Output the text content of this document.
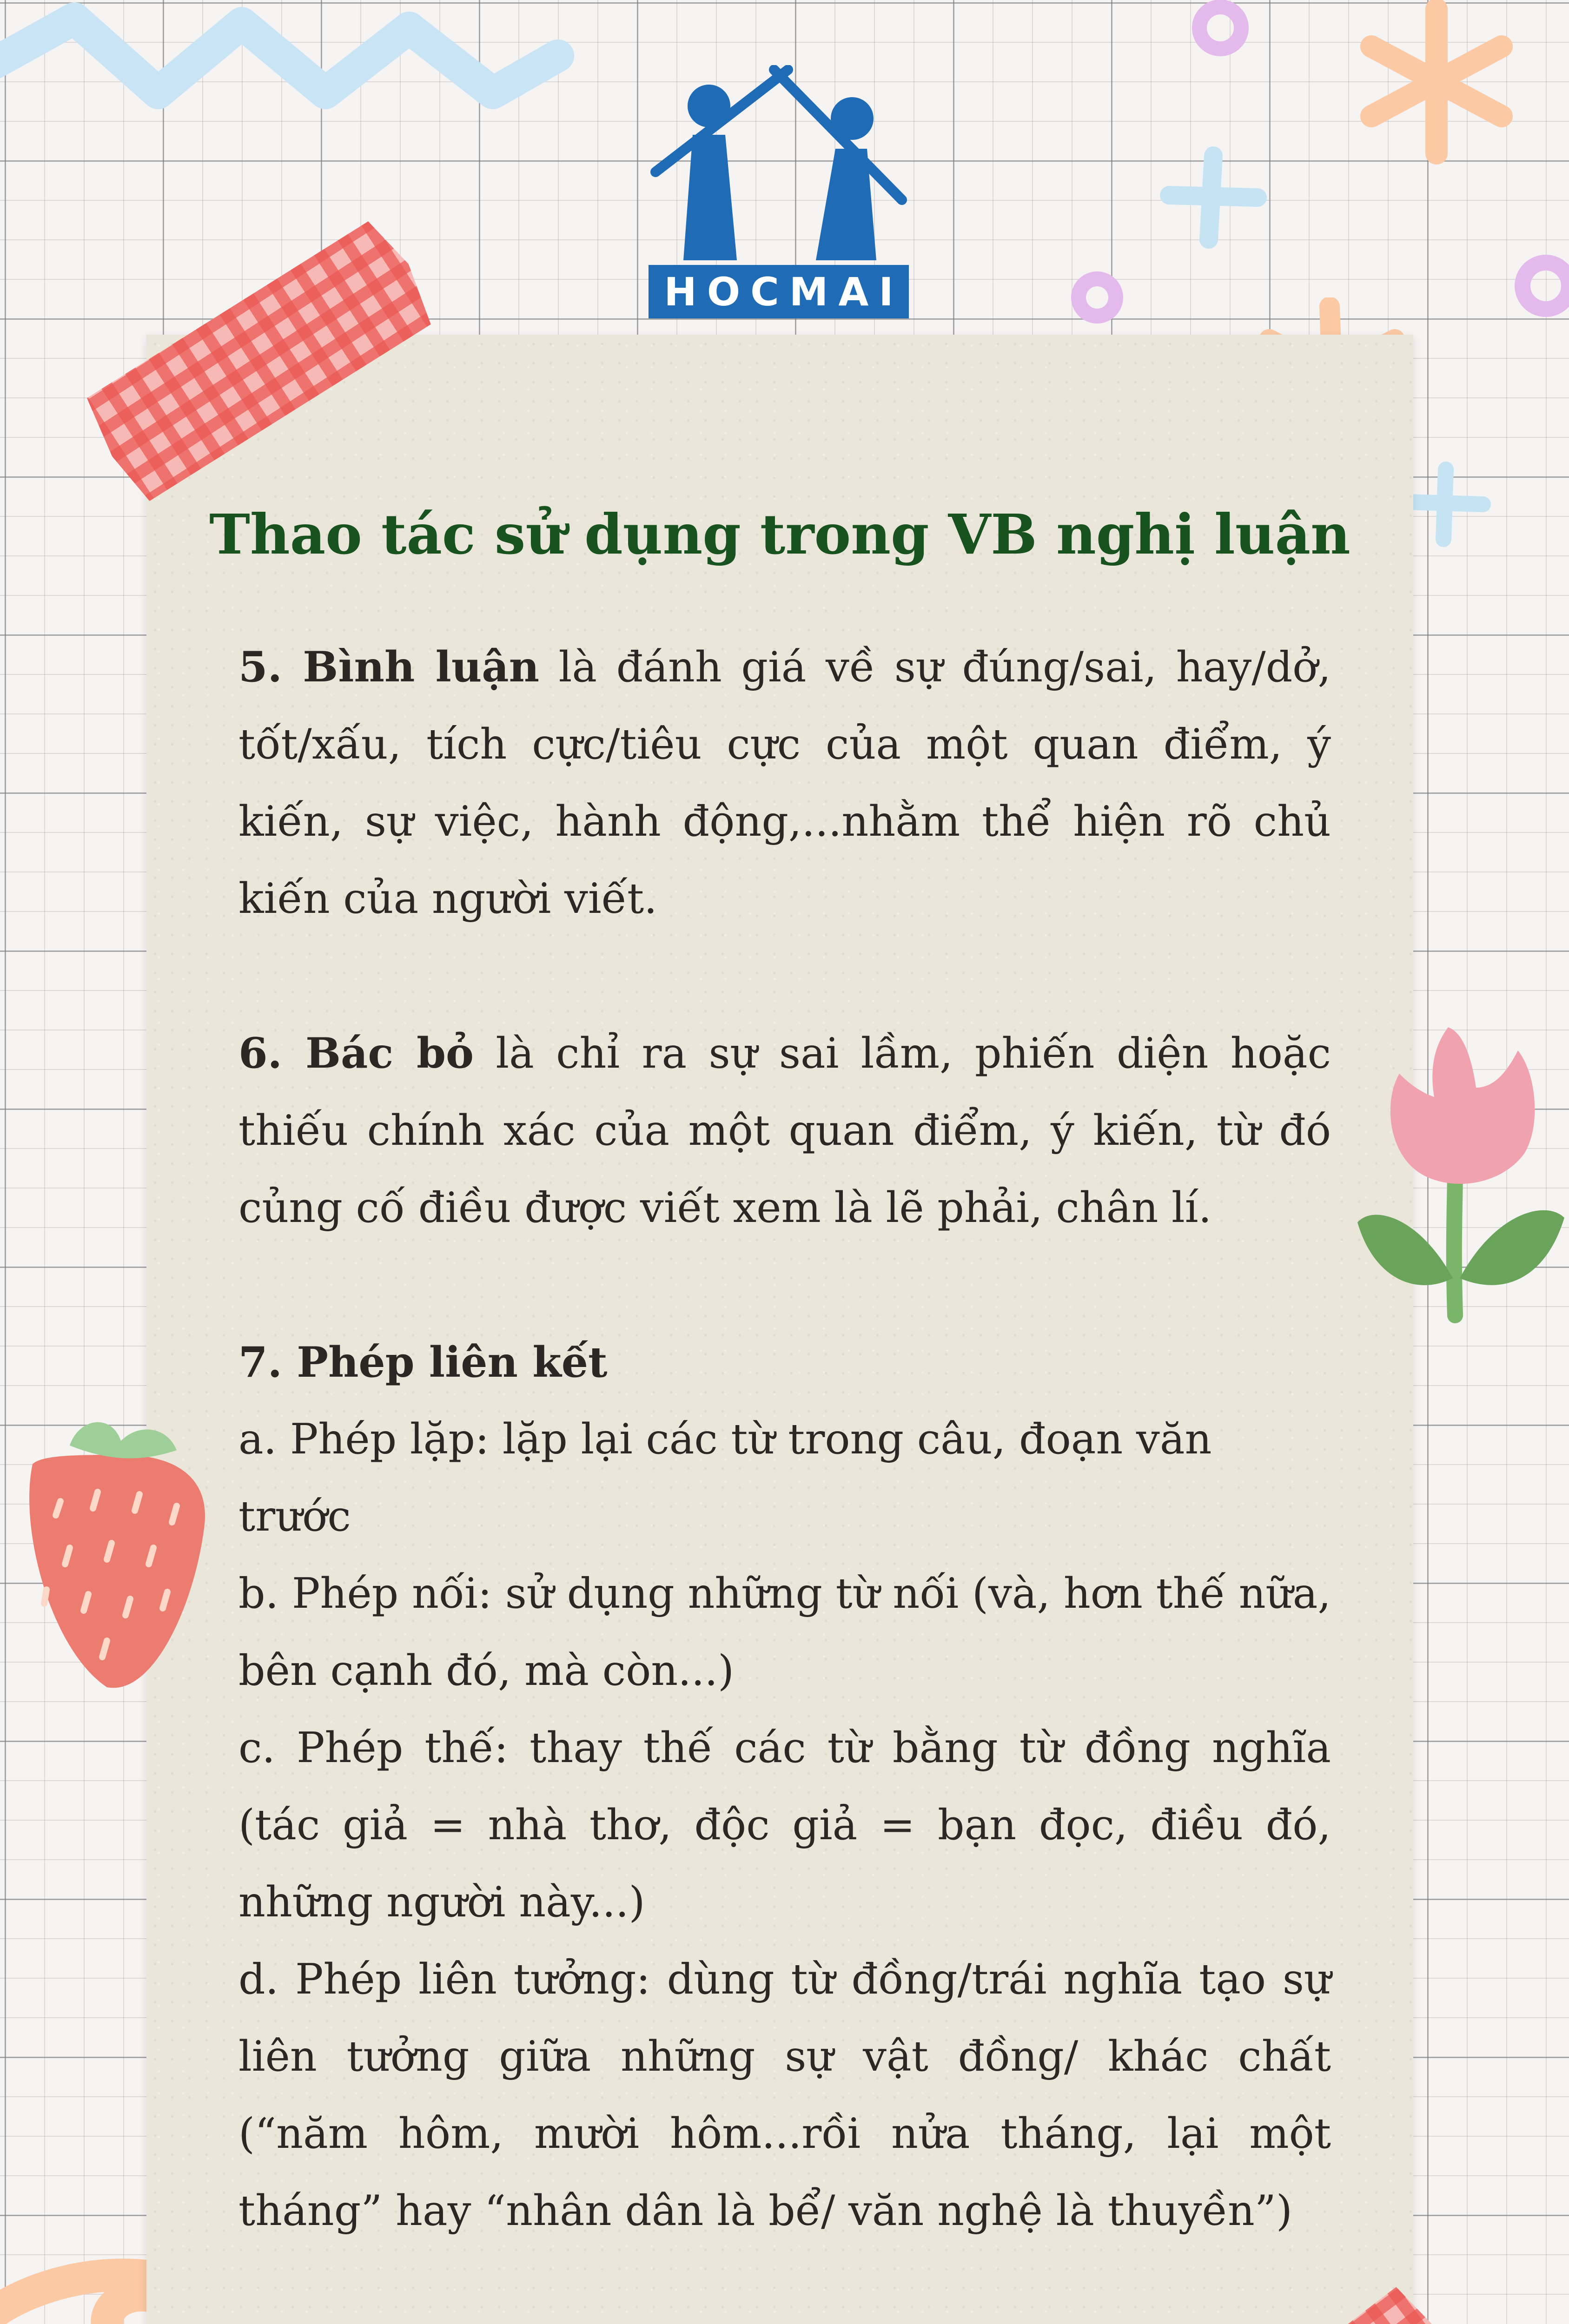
HOCMAI
Thao tác sử dụng trong VB nghị luận

5. Bình luận là đánh giá về sự đúng/sai, hay/dở, tốt/xấu, tích cực/tiêu cực của một quan điểm, ý kiến, sự việc, hành động,...nhằm thể hiện rõ chủ kiến của người viết.

6. Bác bỏ là chỉ ra sự sai lầm, phiến diện hoặc thiếu chính xác của một quan điểm, ý kiến, từ đó củng cố điều được viết xem là lẽ phải, chân lí.

7. Phép liên kết

a. Phép lặp: lặp lại các từ trong câu, đoạn văn trước

b. Phép nối: sử dụng những từ nối (và, hơn thế nữa, bên cạnh đó, mà còn...)

c. Phép thế: thay thế các từ bằng từ đồng nghĩa (tác giả = nhà thơ, độc giả = bạn đọc, điều đó, những người này...)

d. Phép liên tưởng: dùng từ đồng/trái nghĩa tạo sự liên tưởng giữa những sự vật đồng/ khác chất (“năm hôm, mười hôm...rồi nửa tháng, lại một tháng” hay “nhân dân là bể/ văn nghệ là thuyền”)
